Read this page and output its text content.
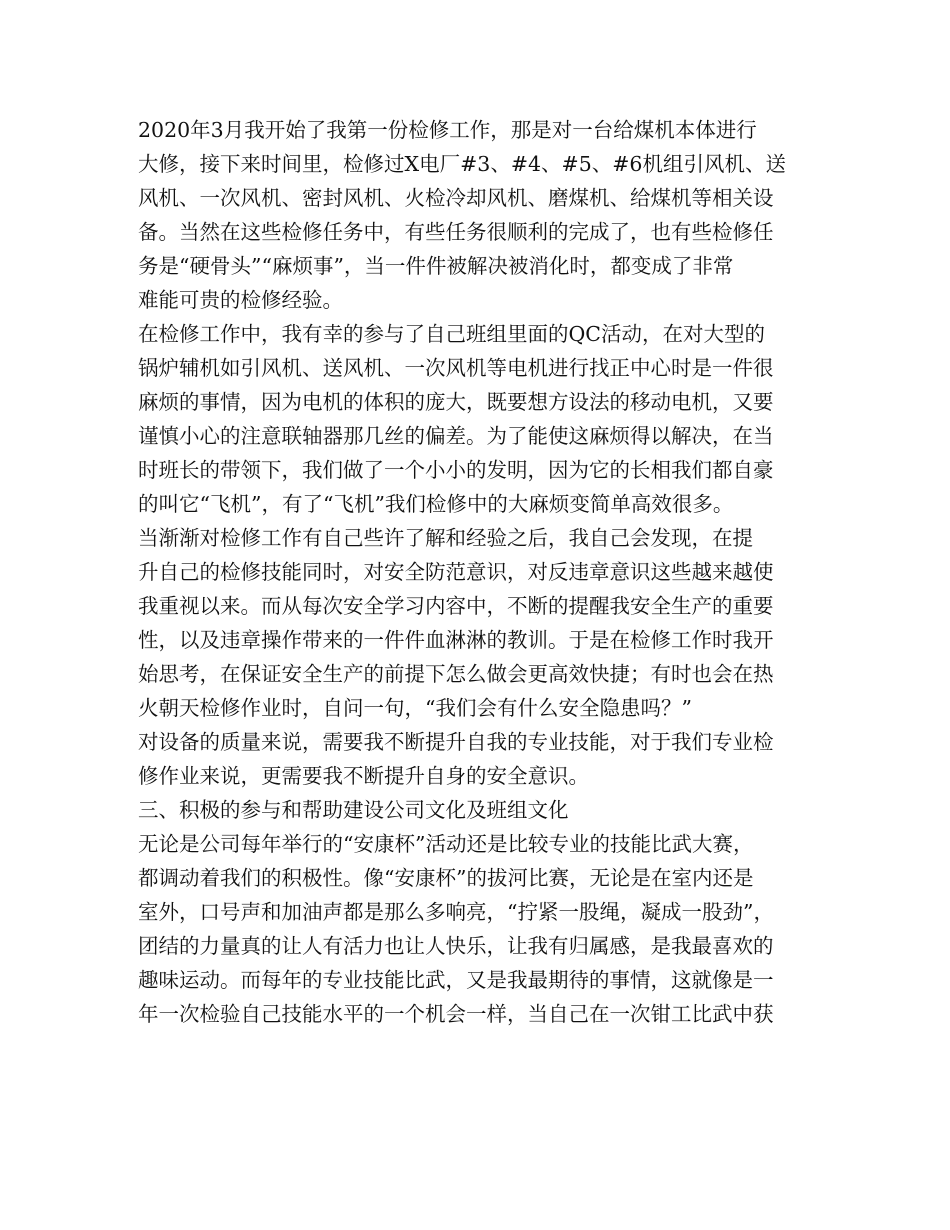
2020年3月我开始了我第一份检修工作，那是对一台给煤机本体进行
大修，接下来时间里，检修过X电厂#3、#4、#5、#6机组引风机、送
风机、一次风机、密封风机、火检冷却风机、磨煤机、给煤机等相关设
备。当然在这些检修任务中，有些任务很顺利的完成了，也有些检修任
务是“硬骨头”“麻烦事”，当一件件被解决被消化时，都变成了非常
难能可贵的检修经验。
在检修工作中，我有幸的参与了自己班组里面的QC活动，在对大型的
锅炉辅机如引风机、送风机、一次风机等电机进行找正中心时是一件很
麻烦的事情，因为电机的体积的庞大，既要想方设法的移动电机，又要
谨慎小心的注意联轴器那几丝的偏差。为了能使这麻烦得以解决，在当
时班长的带领下，我们做了一个小小的发明，因为它的长相我们都自豪
的叫它“飞机”，有了“飞机”我们检修中的大麻烦变简单高效很多。
当渐渐对检修工作有自己些许了解和经验之后，我自己会发现，在提
升自己的检修技能同时，对安全防范意识，对反违章意识这些越来越使
我重视以来。而从每次安全学习内容中，不断的提醒我安全生产的重要
性，以及违章操作带来的一件件血淋淋的教训。于是在检修工作时我开
始思考，在保证安全生产的前提下怎么做会更高效快捷；有时也会在热
火朝天检修作业时，自问一句，“我们会有什么安全隐患吗？”
对设备的质量来说，需要我不断提升自我的专业技能，对于我们专业检
修作业来说，更需要我不断提升自身的安全意识。
三、积极的参与和帮助建设公司文化及班组文化
无论是公司每年举行的“安康杯”活动还是比较专业的技能比武大赛，
都调动着我们的积极性。像“安康杯”的拔河比赛，无论是在室内还是
室外，口号声和加油声都是那么多响亮，“拧紧一股绳，凝成一股劲”，
团结的力量真的让人有活力也让人快乐，让我有归属感，是我最喜欢的
趣味运动。而每年的专业技能比武，又是我最期待的事情，这就像是一
年一次检验自己技能水平的一个机会一样，当自己在一次钳工比武中获
